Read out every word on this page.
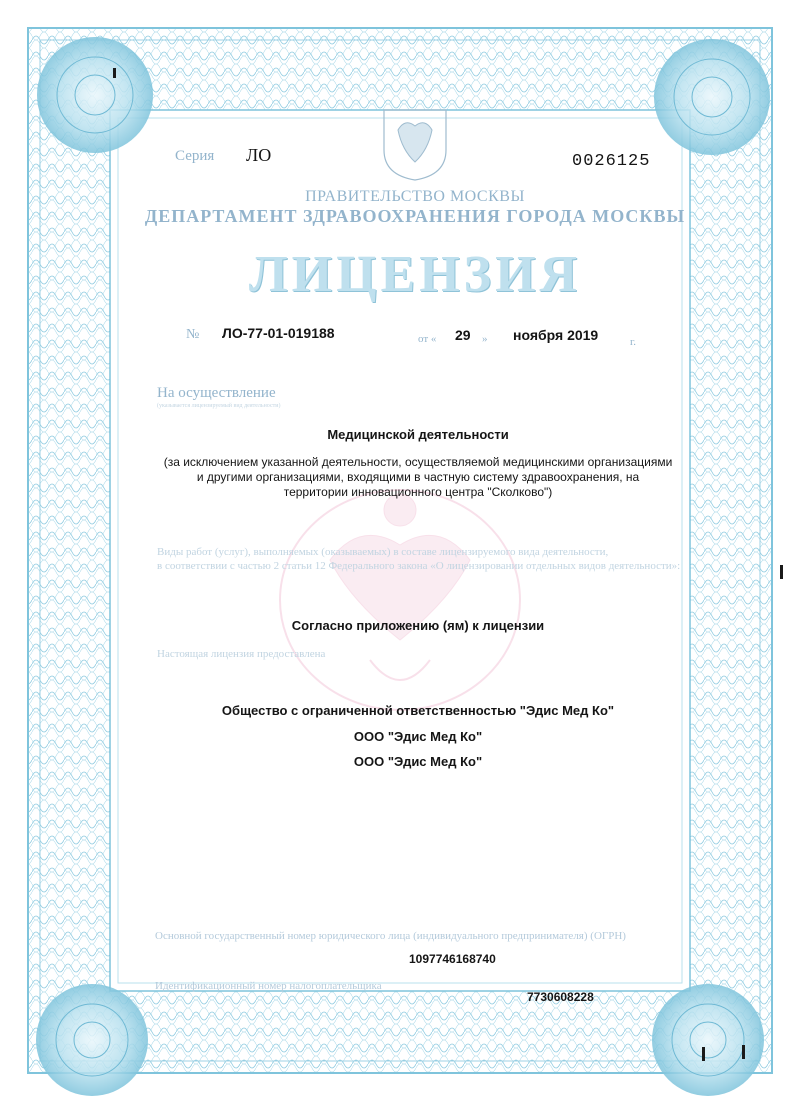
Серия ЛО	0026125
ПРАВИТЕЛЬСТВО МОСКВЫ
ДЕПАРТАМЕНТ ЗДРАВООХРАНЕНИЯ ГОРОДА МОСКВЫ
ЛИЦЕНЗИЯ
№ ЛО-77-01-019188	от « 29 » ноября 2019	г.
На осуществление
(указывается лицензируемый вид деятельности)
Медицинской деятельности
(за исключением указанной деятельности, осуществляемой медицинскими организациями
и другими организациями, входящими в частную систему здравоохранения, на
территории инновационного центра "Сколково")
Виды работ (услуг), выполняемых (оказываемых) в составе лицензируемого вида деятельности,
в соответствии с частью 2 статьи 12 Федерального закона «О лицензировании отдельных видов деятельности»:
Согласно приложению (ям) к лицензии
Настоящая лицензия предоставлена
Общество с ограниченной ответственностью "Эдис Мед Ко"
ООО "Эдис Мед Ко"
ООО "Эдис Мед Ко"
Основной государственный номер юридического лица (индивидуального предпринимателя) (ОГРН)
1097746168740
Идентификационный номер налогоплательщика
7730608228
